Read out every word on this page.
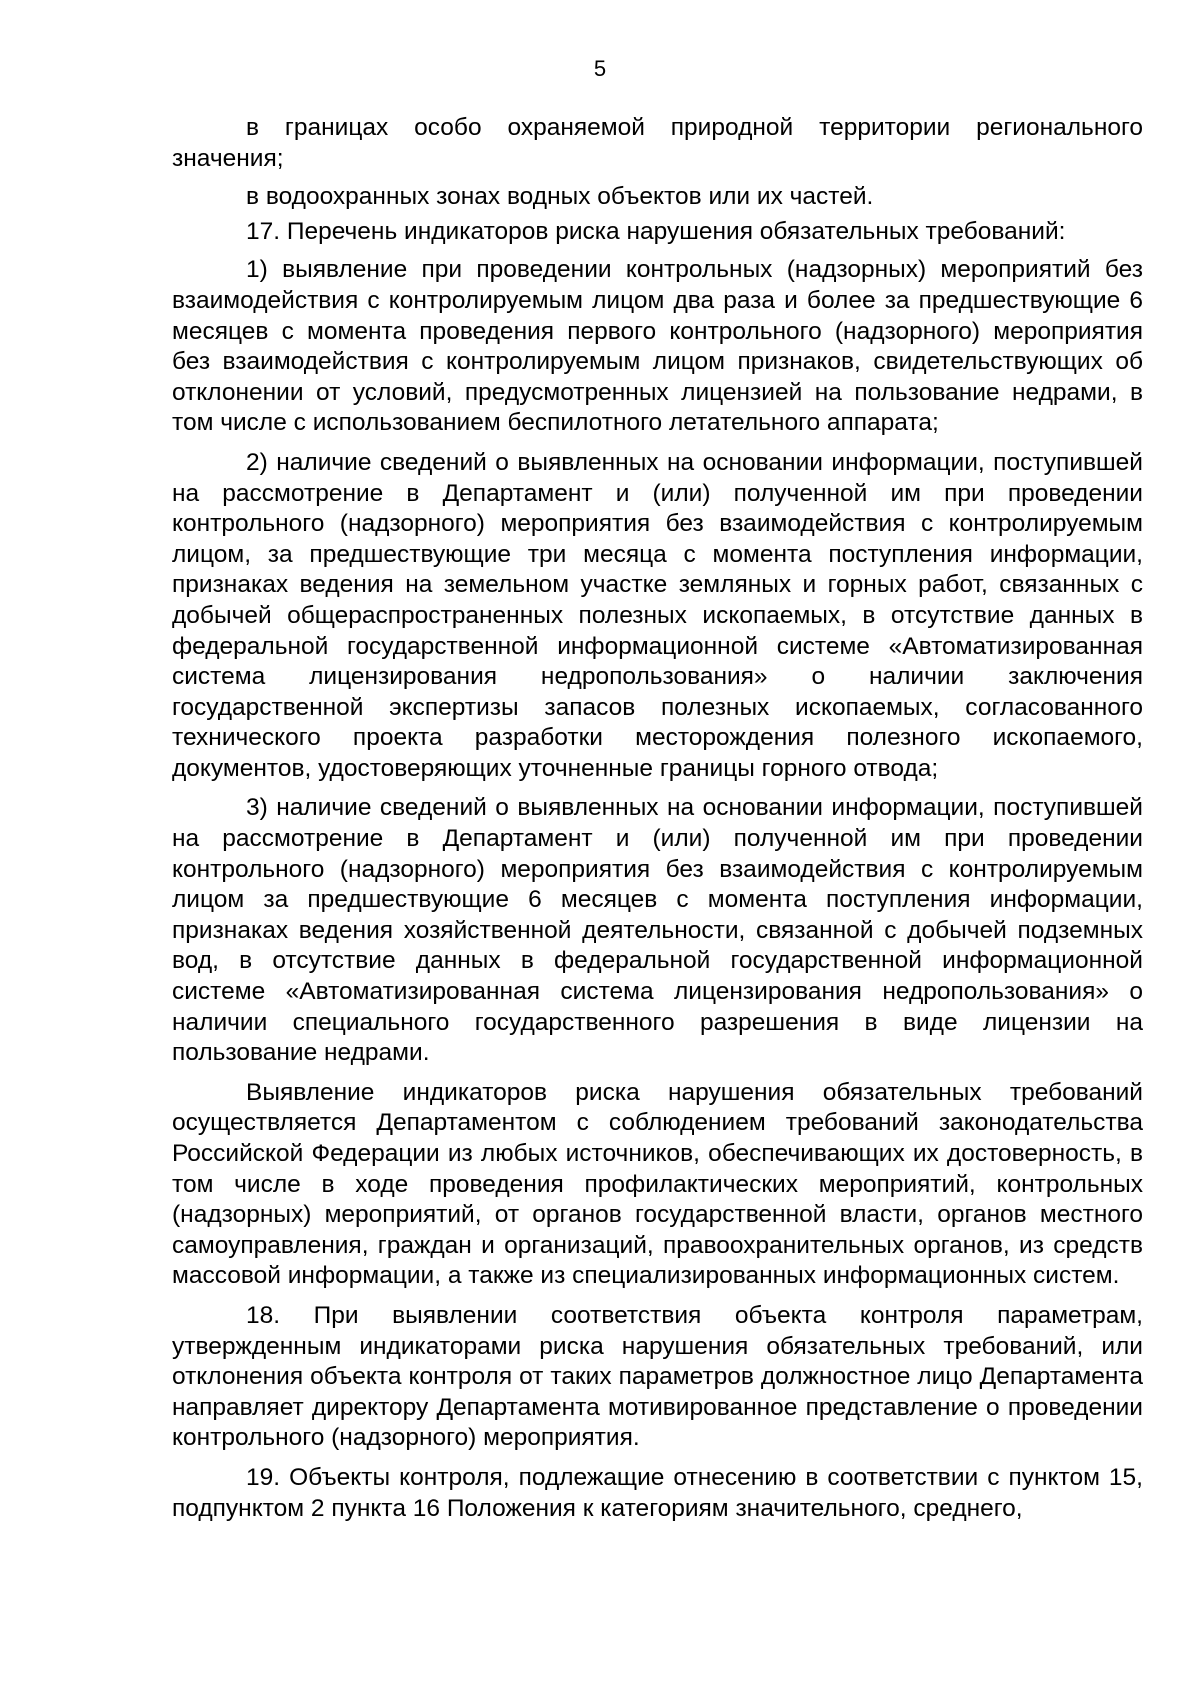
5

в границах особо охраняемой природной территории регионального значения;

в водоохранных зонах водных объектов или их частей.

17. Перечень индикаторов риска нарушения обязательных требований:

1) выявление при проведении контрольных (надзорных) мероприятий без взаимодействия с контролируемым лицом два раза и более за предшествующие 6 месяцев с момента проведения первого контрольного (надзорного) мероприятия без взаимодействия с контролируемым лицом признаков, свидетельствующих об отклонении от условий, предусмотренных лицензией на пользование недрами, в том числе с использованием беспилотного летательного аппарата;

2) наличие сведений о выявленных на основании информации, поступившей на рассмотрение в Департамент и (или) полученной им при проведении контрольного (надзорного) мероприятия без взаимодействия с контролируемым лицом, за предшествующие три месяца с момента поступления информации, признаках ведения на земельном участке земляных и горных работ, связанных с добычей общераспространенных полезных ископаемых, в отсутствие данных в федеральной государственной информационной системе «Автоматизированная система лицензирования недропользования» о наличии заключения государственной экспертизы запасов полезных ископаемых, согласованного технического проекта разработки месторождения полезного ископаемого, документов, удостоверяющих уточненные границы горного отвода;

3) наличие сведений о выявленных на основании информации, поступившей на рассмотрение в Департамент и (или) полученной им при проведении контрольного (надзорного) мероприятия без взаимодействия с контролируемым лицом за предшествующие 6 месяцев с момента поступления информации, признаках ведения хозяйственной деятельности, связанной с добычей подземных вод, в отсутствие данных в федеральной государственной информационной системе «Автоматизированная система лицензирования недропользования» о наличии специального государственного разрешения в виде лицензии на пользование недрами.

Выявление индикаторов риска нарушения обязательных требований осуществляется Департаментом с соблюдением требований законодательства Российской Федерации из любых источников, обеспечивающих их достоверность, в том числе в ходе проведения профилактических мероприятий, контрольных (надзорных) мероприятий, от органов государственной власти, органов местного самоуправления, граждан и организаций, правоохранительных органов, из средств массовой информации, а также из специализированных информационных систем.

18. При выявлении соответствия объекта контроля параметрам, утвержденным индикаторами риска нарушения обязательных требований, или отклонения объекта контроля от таких параметров должностное лицо Департамента направляет директору Департамента мотивированное представление о проведении контрольного (надзорного) мероприятия.

19. Объекты контроля, подлежащие отнесению в соответствии с пунктом 15, подпунктом 2 пункта 16 Положения к категориям значительного, среднего,
